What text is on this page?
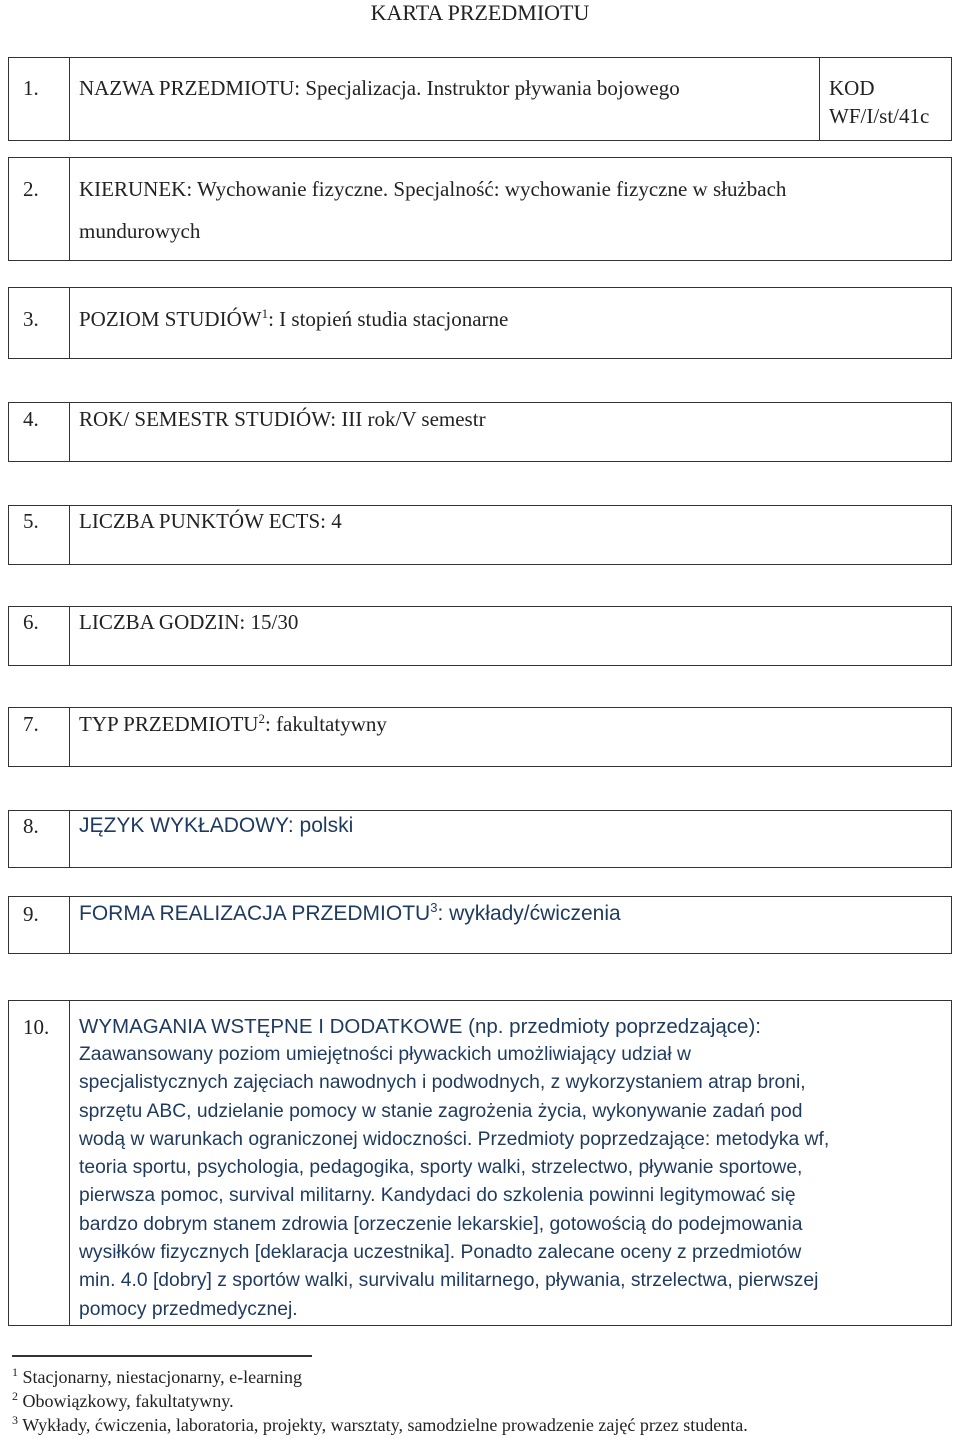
KARTA PRZEDMIOTU
1. NAZWA PRZEDMIOTU: Specjalizacja. Instruktor pływania bojowego	KOD
WF/I/st/41c
2. KIERUNEK: Wychowanie fizyczne. Specjalność: wychowanie fizyczne w służbach
mundurowych
3. POZIOM STUDIÓW$^1$: I stopień studia stacjonarne
4. ROK/ SEMESTR STUDIÓW: III rok/V semestr
5. LICZBA PUNKTÓW ECTS: 4
6. LICZBA GODZIN: 15/30
7. TYP PRZEDMIOTU$^2$: fakultatywny
8. JĘZYK WYKŁADOWY: polski
9. FORMA REALIZACJA PRZEDMIOTU$^3$: wykłady/ćwiczenia
10. WYMAGANIA WSTĘPNE I DODATKOWE (np. przedmioty poprzedzające):
Zaawansowany poziom umiejętności pływackich umożliwiający udział w
specjalistycznych zajęciach nawodnych i podwodnych, z wykorzystaniem atrap broni,
sprzętu ABC, udzielanie pomocy w stanie zagrożenia życia, wykonywanie zadań pod
wodą w warunkach ograniczonej widoczności. Przedmioty poprzedzające: metodyka wf,
teoria sportu, psychologia, pedagogika, sporty walki, strzelectwo, pływanie sportowe,
pierwsza pomoc, survival militarny. Kandydaci do szkolenia powinni legitymować się
bardzo dobrym stanem zdrowia [orzeczenie lekarskie], gotowością do podejmowania
wysiłków fizycznych [deklaracja uczestnika]. Ponadto zalecane oceny z przedmiotów
min. 4.0 [dobry] z sportów walki, survivalu militarnego, pływania, strzelectwa, pierwszej
pomocy przedmedycznej.
$^1$ Stacjonarny, niestacjonarny, e-learning
$^2$ Obowiązkowy, fakultatywny.
$^3$ Wykłady, ćwiczenia, laboratoria, projekty, warsztaty, samodzielne prowadzenie zajęć przez studenta.
